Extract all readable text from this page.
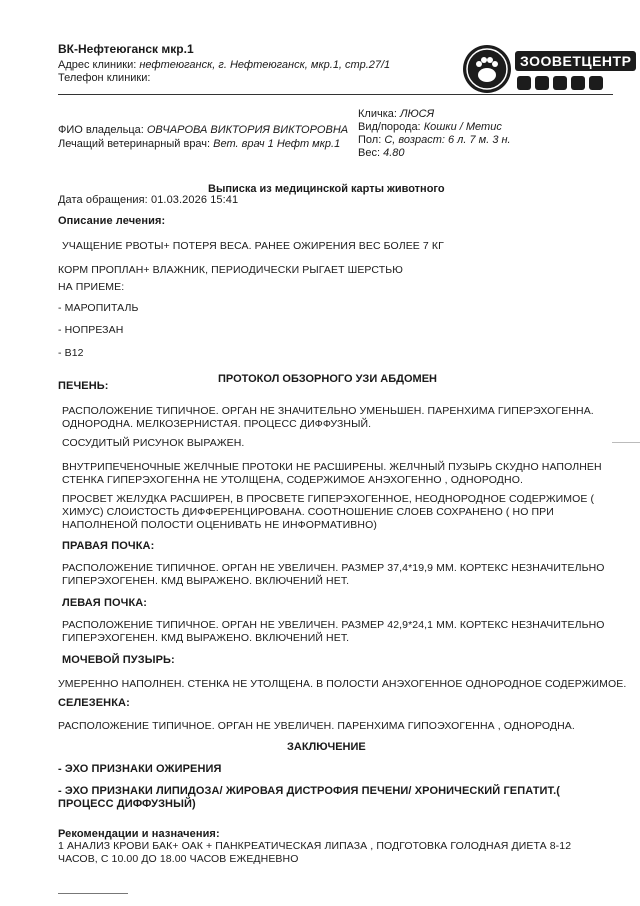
ВК-Нефтеюганск мкр.1
Адрес клиники: нефтеюганск, г. Нефтеюганск, мкр.1, стр.27/1
Телефон клиники:
ЗООВЕТЦЕНТР
ФИО владельца: ОВЧАРОВА ВИКТОРИЯ ВИКТОРОВНА
Лечащий ветеринарный врач: Вет. врач 1 Нефт мкр.1
Кличка: ЛЮСЯ
Вид/порода: Кошки / Метис
Пол: С, возраст: 6 л. 7 м. 3 н.
Вес: 4.80
Выписка из медицинской карты животного
Дата обращения: 01.03.2026 15:41
Описание лечения:
УЧАЩЕНИЕ РВОТЫ+ ПОТЕРЯ ВЕСА. РАНЕЕ ОЖИРЕНИЯ ВЕС БОЛЕЕ 7 КГ
КОРМ ПРОПЛАН+ ВЛАЖНИК, ПЕРИОДИЧЕСКИ РЫГАЕТ ШЕРСТЬЮ
НА ПРИЕМЕ:
- МАРОПИТАЛЬ
- НОПРЕЗАН
- В12
ПРОТОКОЛ ОБЗОРНОГО УЗИ АБДОМЕН
ПЕЧЕНЬ:
РАСПОЛОЖЕНИЕ ТИПИЧНОЕ. ОРГАН НЕ ЗНАЧИТЕЛЬНО УМЕНЬШЕН. ПАРЕНХИМА ГИПЕРЭХОГЕННА.
ОДНОРОДНА. МЕЛКОЗЕРНИСТАЯ. ПРОЦЕСС ДИФФУЗНЫЙ.
СОСУДИТЫЙ РИСУНОК ВЫРАЖЕН.
ВНУТРИПЕЧЕНОЧНЫЕ ЖЕЛЧНЫЕ ПРОТОКИ НЕ РАСШИРЕНЫ. ЖЕЛЧНЫЙ ПУЗЫРЬ СКУДНО НАПОЛНЕН
СТЕНКА ГИПЕРЭХОГЕННА НЕ УТОЛЩЕНА, СОДЕРЖИМОЕ АНЭХОГЕННО , ОДНОРОДНО.
ПРОСВЕТ ЖЕЛУДКА РАСШИРЕН, В ПРОСВЕТЕ ГИПЕРЭХОГЕННОЕ, НЕОДНОРОДНОЕ СОДЕРЖИМОЕ (
ХИМУС) СЛОИСТОСТЬ ДИФФЕРЕНЦИРОВАНА. СООТНОШЕНИЕ СЛОЕВ СОХРАНЕНО ( НО ПРИ
НАПОЛНЕНОЙ ПОЛОСТИ ОЦЕНИВАТЬ НЕ ИНФОРМАТИВНО)
ПРАВАЯ ПОЧКА:
РАСПОЛОЖЕНИЕ ТИПИЧНОЕ. ОРГАН НЕ УВЕЛИЧЕН. РАЗМЕР 37,4*19,9 ММ. КОРТЕКС НЕЗНАЧИТЕЛЬНО
ГИПЕРЭХОГЕНЕН. КМД ВЫРАЖЕНО. ВКЛЮЧЕНИЙ НЕТ.
ЛЕВАЯ ПОЧКА:
РАСПОЛОЖЕНИЕ ТИПИЧНОЕ. ОРГАН НЕ УВЕЛИЧЕН. РАЗМЕР 42,9*24,1 ММ. КОРТЕКС НЕЗНАЧИТЕЛЬНО
ГИПЕРЭХОГЕНЕН. КМД ВЫРАЖЕНО. ВКЛЮЧЕНИЙ НЕТ.
МОЧЕВОЙ ПУЗЫРЬ:
УМЕРЕННО НАПОЛНЕН. СТЕНКА НЕ УТОЛЩЕНА. В ПОЛОСТИ АНЭХОГЕННОЕ ОДНОРОДНОЕ СОДЕРЖИМОЕ.
СЕЛЕЗЕНКА:
РАСПОЛОЖЕНИЕ ТИПИЧНОЕ. ОРГАН НЕ УВЕЛИЧЕН. ПАРЕНХИМА ГИПОЭХОГЕННА , ОДНОРОДНА.
ЗАКЛЮЧЕНИЕ
- ЭХО ПРИЗНАКИ ОЖИРЕНИЯ
- ЭХО ПРИЗНАКИ ЛИПИДОЗА/ ЖИРОВАЯ ДИСТРОФИЯ ПЕЧЕНИ/ ХРОНИЧЕСКИЙ ГЕПАТИТ.(
ПРОЦЕСС ДИФФУЗНЫЙ)
Рекомендации и назначения:
1 АНАЛИЗ КРОВИ БАК+ ОАК + ПАНКРЕАТИЧЕСКАЯ ЛИПАЗА , ПОДГОТОВКА ГОЛОДНАЯ ДИЕТА 8-12
ЧАСОВ, С 10.00 ДО 18.00 ЧАСОВ ЕЖЕДНЕВНО
